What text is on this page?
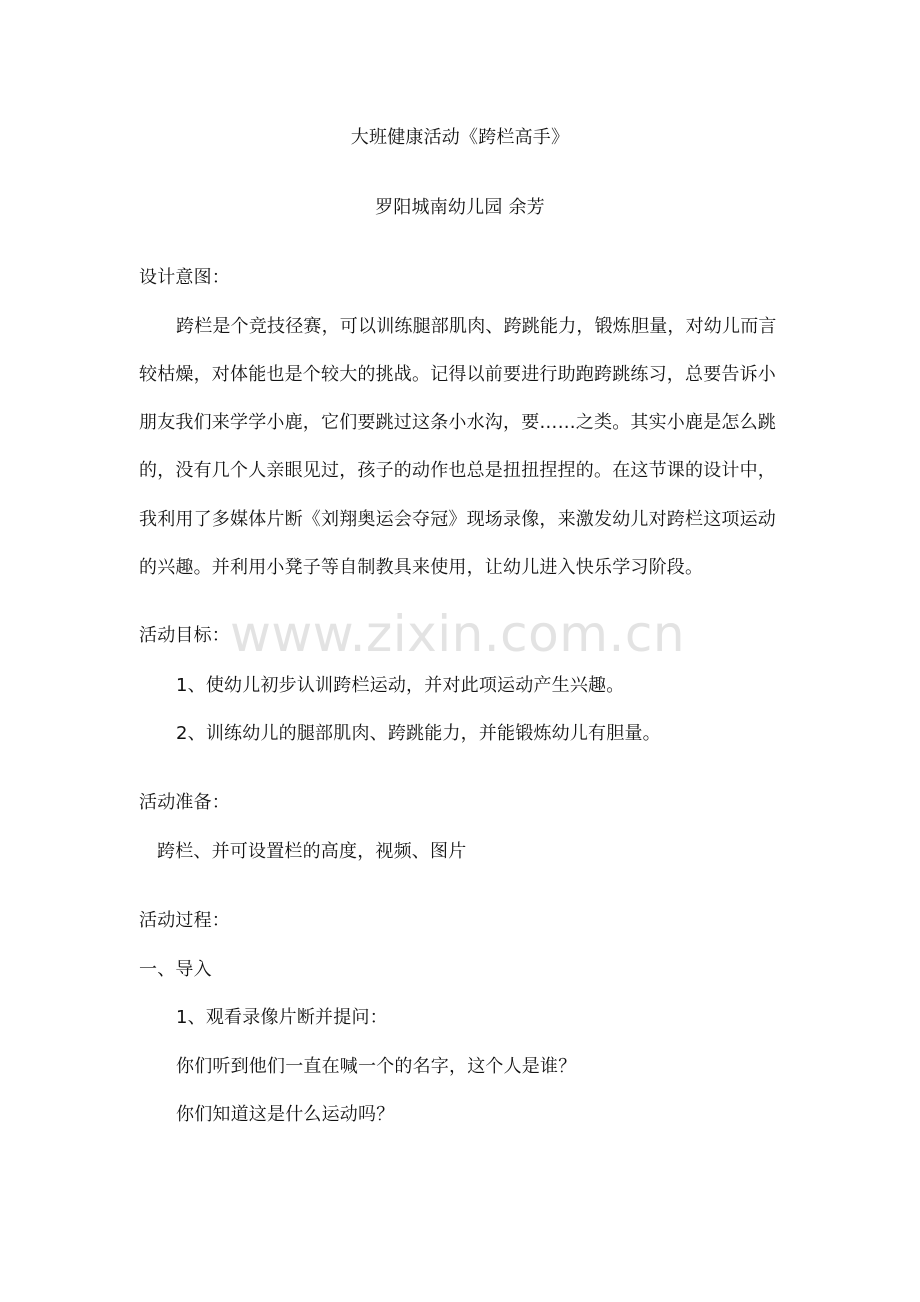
www.zixin.com.cn
大班健康活动《跨栏高手》
罗阳城南幼儿园 余芳
设计意图：
跨栏是个竞技径赛，可以训练腿部肌肉、跨跳能力，锻炼胆量，对幼儿而言
较枯燥，对体能也是个较大的挑战。记得以前要进行助跑跨跳练习，总要告诉小
朋友我们来学学小鹿，它们要跳过这条小水沟，要……之类。其实小鹿是怎么跳
的，没有几个人亲眼见过，孩子的动作也总是扭扭捏捏的。在这节课的设计中，
我利用了多媒体片断《刘翔奥运会夺冠》现场录像，来激发幼儿对跨栏这项运动
的兴趣。并利用小凳子等自制教具来使用，让幼儿进入快乐学习阶段。
活动目标：
1、使幼儿初步认训跨栏运动，并对此项运动产生兴趣。
2、训练幼儿的腿部肌肉、跨跳能力，并能锻炼幼儿有胆量。
活动准备：
跨栏、并可设置栏的高度，视频、图片
活动过程：
一、导入
1、观看录像片断并提问：
你们听到他们一直在喊一个的名字，这个人是谁？
你们知道这是什么运动吗？
